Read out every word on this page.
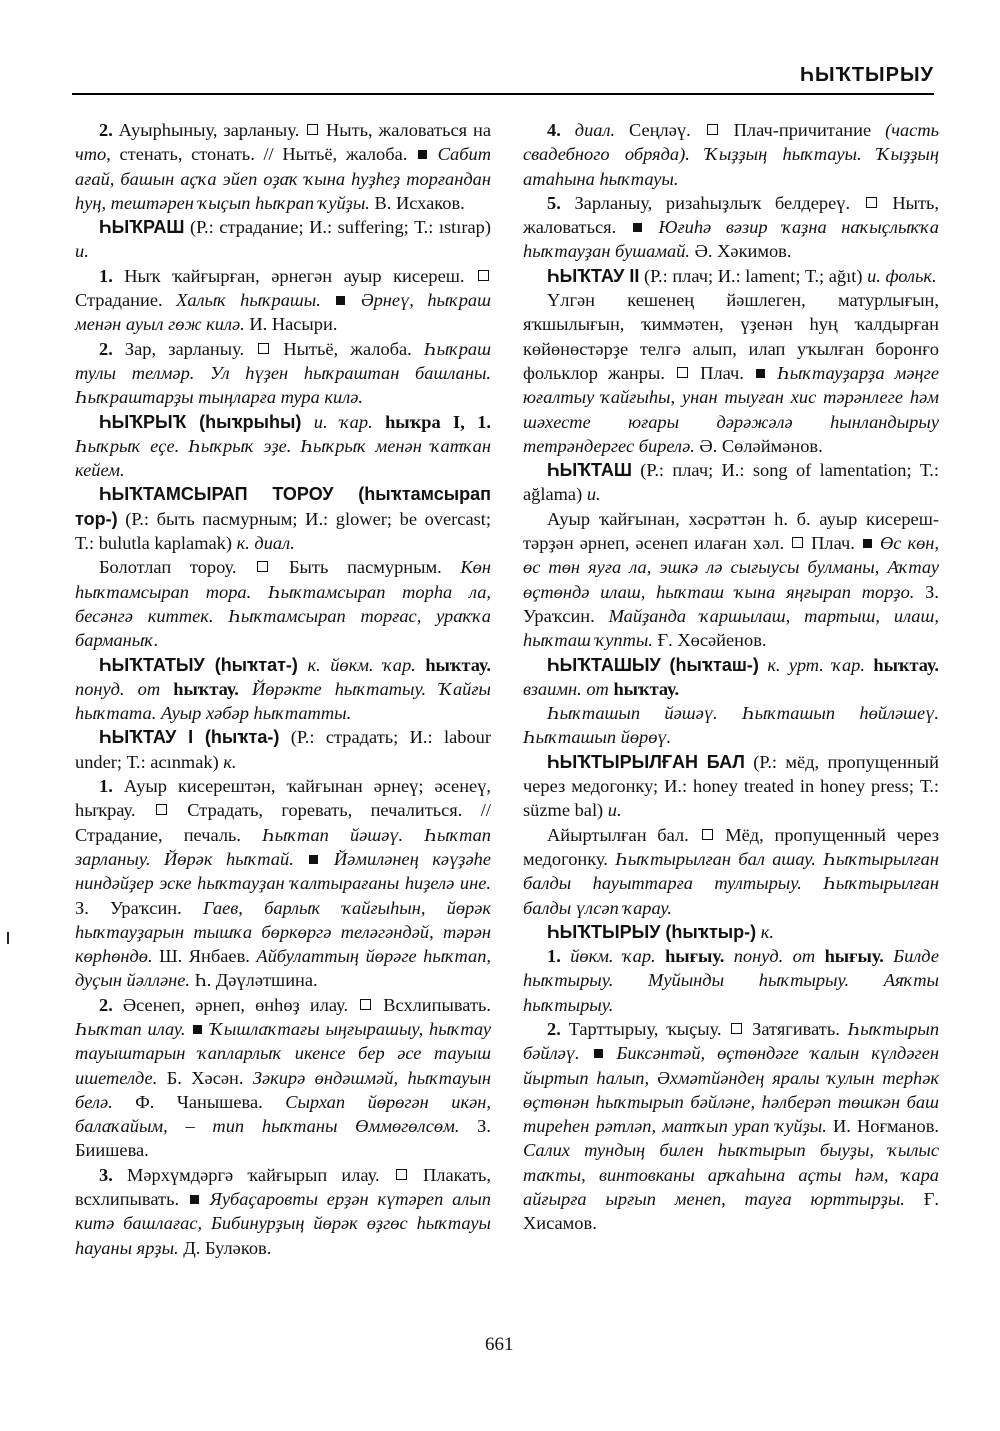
ҺЫҠТЫРЫУ

2. Ауырһыныу, зарланыу.  Ныть, жаловаться на что, стенать, стонать. // Нытьё, жалоба.  Сабит ағай, башын аҫҡа эйеп оҙаҡ ҡына һуҙһеҙ торғандан һуң, тештәрен ҡыҫып һыҡрап ҡуйҙы. В. Исхаков.

ҺЫҠРАШ (Р.: страдание; И.: suffering; Т.: ıstırap) и.

1. Ныҡ ҡайғырған, әрнегән ауыр кисереш.  Страдание. Халыҡ һыҡрашы.  Әрнеү, һыҡраш менән ауыл гөж килә. И. Насыри.

2. Зар, зарланыу.  Нытьё, жалоба. Һыҡраш тулы телмәр. Ул һүҙен һыҡраштан башланы. Һыҡраштарҙы тыңларға тура килә.

ҺЫҠРЫҠ (һыҡрыһы) и. ҡар. һыҡра I, 1. Һыҡрыҡ еҫе. Һыҡрыҡ эҙе. Һыҡрыҡ менән ҡатҡан кейем.

ҺЫҠТАМСЫРАП ТОРОУ (һыҡтамсырап тор-) (Р.: быть пасмурным; И.: glower; be overcast; Т.: bulutla kaplamak) к. диал.

Болотлап тороу.  Быть пасмурным. Көн һыҡтамсырап тора. Һыҡтамсырап торһа ла, бесәнгә киттек. Һыҡтамсырап торғас, ураҡҡа барманыҡ.

ҺЫҠТАТЫУ (һыҡтат-) к. йөкм. ҡар. һыҡтау. понуд. от һыҡтау. Йөрәкте һыҡтатыу. Ҡайғы һыҡтата. Ауыр хәбәр һыҡтатты.

ҺЫҠТАУ I (һыҡта-) (Р.: страдать; И.: labour under; Т.: acınmak) к.

1. Ауыр кисерештән, ҡайғынан әрнеү; әсенеү, һыҡрау.  Страдать, горевать, печалиться. // Страдание, печаль. Һыҡтап йәшәү. Һыҡтап зарланыу. Йөрәк һыҡтай.  Йәмиләнең кәүҙәһе ниндәйҙер эске һыҡтауҙан ҡалтырағаны һиҙелә ине. З. Ураҡсин. Гаев, барлыҡ ҡайғыһын, йөрәк һыҡтауҙарын тышҡа бөркөргә теләгәндәй, тәрән көрһөндө. Ш. Янбаев. Айбулаттың йөрәге һыҡтап, дуҫын йәлләне. Һ. Дәүләтшина.

2. Әсенеп, әрнеп, өнһөҙ илау.  Всхлипывать. Һыҡтап илау.  Ҡышлаҡтағы ыңғырашыу, һыҡтау тауыштарын ҡапларлыҡ икенсе бер әсе тауыш ишетелде. Б. Хәсән. Зәкирә өндәшмәй, һыҡтауын белә. Ф. Чанышева. Сырхап йөрөгән икән, балаҡайым, – тип һыҡтаны Өммөгөлсөм. З. Биишева.

3. Мәрхүмдәргә ҡайғырып илау.  Плакать, всхлипывать.  Яубаҫаровты ерҙән күтәреп алып китә башлағас, Бибинурҙың йөрәк өҙгөс һыҡтауы һауаны ярҙы. Д. Буләков.

4. диал. Сеңләү.  Плач-причитание (часть свадебного обряда). Ҡыҙҙың һыҡтауы. Ҡыҙҙың атаһына һыҡтауы.

5. Зарланыу, ризаһыҙлыҡ белдереү.  Ныть, жаловаться.  Юғиһә вәзир ҡаҙна наҡыҫлыҡҡа һыҡтауҙан бушамай. Ә. Хәкимов.

ҺЫҠТАУ II (Р.: плач; И.: lament; Т.; ağıt) и. фольк.

Үлгән кешенең йәшлеген, матурлығын, яҡшылығын, ҡиммәтен, үҙенән һуң ҡалдырған көйөнөстәрҙе телгә алып, илап уҡылған боронғо фольклор жанры.  Плач.  Һыҡтауҙарҙа мәңге юғалтыу ҡайғыһы, унан тыуған хис тәрәнлеге һәм шәхесте юғары дәрәжәлә һынландырыу тетрәндергес бирелә. Ә. Сөләймәнов.

ҺЫҠТАШ (Р.: плач; И.: song of lamentation; Т.: ağlama) и.

Ауыр ҡайғынан, хәсрәттән һ. б. ауыр кисерештәрҙән әрнеп, әсенеп илаған хәл.  Плач.  Өс көн, өс төн яуға ла, эшкә лә сығыусы булманы, Аҡтау өҫтөндә илаш, һыҡташ ҡына яңғырап торҙо. З. Ураҡсин. Майҙанда ҡаршылаш, тартыш, илаш, һыҡташ ҡупты. Ғ. Хөсәйенов.

ҺЫҠТАШЫУ (һыҡташ-) к. урт. ҡар. һыҡтау. взаимн. от һыҡтау.

Һыҡташып йәшәү. Һыҡташып һөйләшеү. Һыҡташып йөрөү.

ҺЫҠТЫРЫЛҒАН БАЛ (Р.: мёд, пропущенный через медогонку; И.: honey treated in honey press; Т.: süzme bal) и.

Айыртылған бал.  Мёд, пропущенный через медогонку. Һыҡтырылған бал ашау. Һыҡтырылған балды һауыттарға тултырыу. Һыҡтырылған балды үлсәп ҡарау.

ҺЫҠТЫРЫУ (һыҡтыр-) к.

1. йөкм. ҡар. һығыу. понуд. от һығыу. Билде һыҡтырыу. Муйынды һыҡтырыу. Аяҡты һыҡтырыу.

2. Тарттырыу, ҡыҫыу.  Затягивать. Һыҡтырып бәйләү.  Биксәнтәй, өҫтөндәге ҡалын күлдәген йыртып һалып, Әхмәтйәндең яралы ҡулын терһәк өҫтөнән һыҡтырып бәйләне, һәлберәп төшкән баш тиреһен рәтләп, матҡып урап ҡуйҙы. И. Ноғманов. Салих тундың билен һыҡтырып быуҙы, ҡылыс таҡты, винтовканы арҡаһына аҫты һәм, ҡара айғырға ырғып менеп, тауға юрттырҙы. Ғ. Хисамов.

661
